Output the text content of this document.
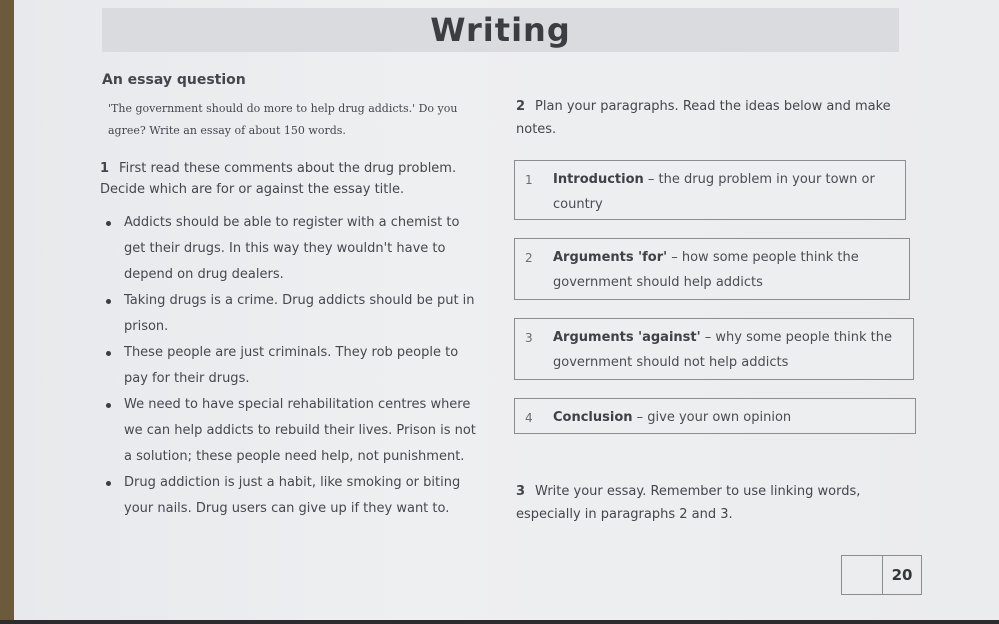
Writing
An essay question
'The government should do more to help drug addicts.' Do you agree? Write an essay of about 150 words.
1 First read these comments about the drug problem. Decide which are for or against the essay title.
Addicts should be able to register with a chemist to get their drugs. In this way they wouldn't have to depend on drug dealers.
Taking drugs is a crime. Drug addicts should be put in prison.
These people are just criminals. They rob people to pay for their drugs.
We need to have special rehabilitation centres where we can help addicts to rebuild their lives. Prison is not a solution; these people need help, not punishment.
Drug addiction is just a habit, like smoking or biting your nails. Drug users can give up if they want to.
2 Plan your paragraphs. Read the ideas below and make notes.
1 Introduction – the drug problem in your town or country
2 Arguments 'for' – how some people think the government should help addicts
3 Arguments 'against' – why some people think the government should not help addicts
4 Conclusion – give your own opinion
3 Write your essay. Remember to use linking words, especially in paragraphs 2 and 3.
20
